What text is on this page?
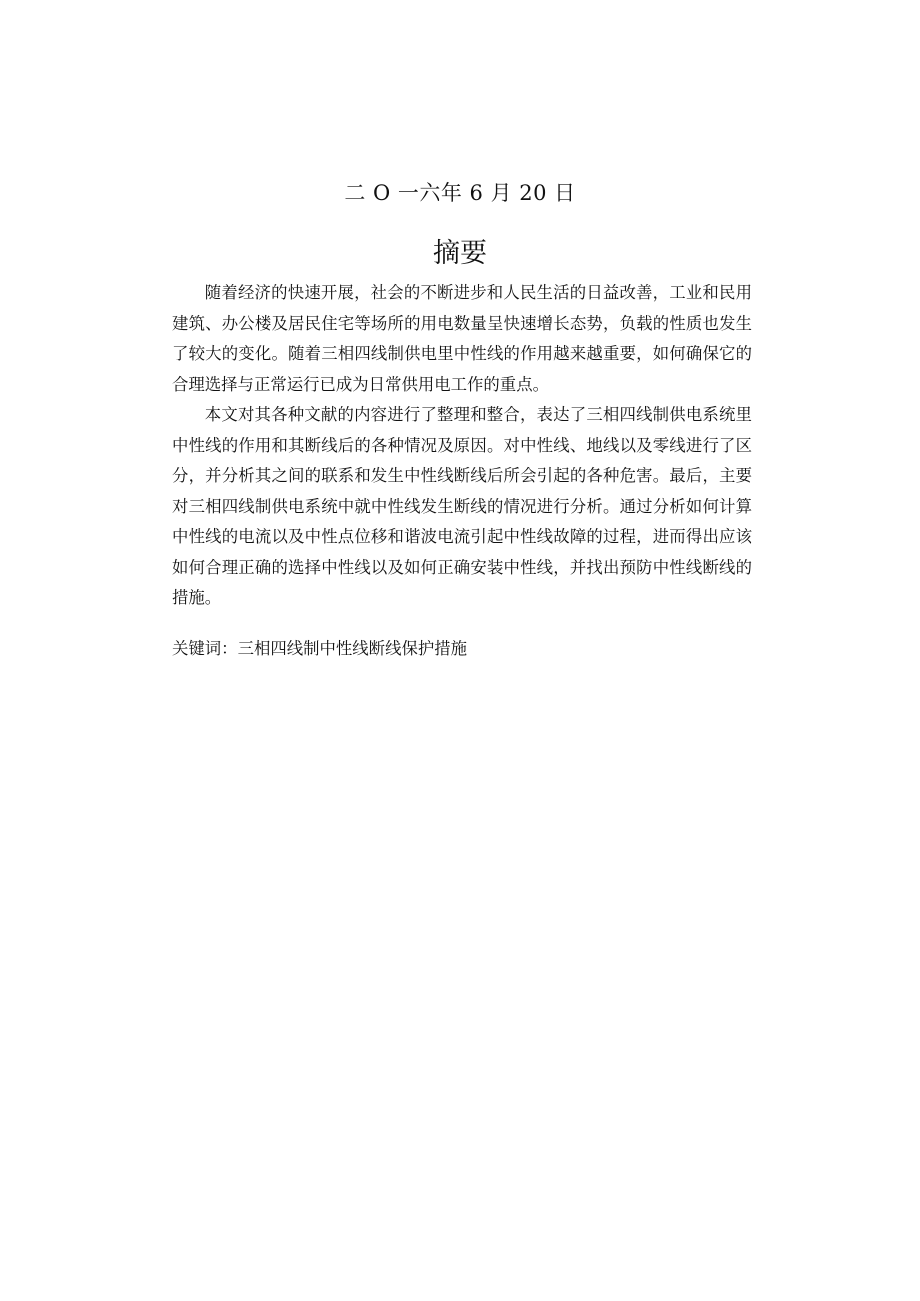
二 O 一六年 6 月 20 日
摘要

随着经济的快速开展，社会的不断进步和人民生活的日益改善，工业和民用建筑、办公楼及居民住宅等场所的用电数量呈快速增长态势，负载的性质也发生了较大的变化。随着三相四线制供电里中性线的作用越来越重要，如何确保它的合理选择与正常运行已成为日常供用电工作的重点。

本文对其各种文献的内容进行了整理和整合，表达了三相四线制供电系统里中性线的作用和其断线后的各种情况及原因。对中性线、地线以及零线进行了区分，并分析其之间的联系和发生中性线断线后所会引起的各种危害。最后，主要对三相四线制供电系统中就中性线发生断线的情况进行分析。通过分析如何计算中性线的电流以及中性点位移和谐波电流引起中性线故障的过程，进而得出应该如何合理正确的选择中性线以及如何正确安装中性线，并找出预防中性线断线的措施。

关键词：三相四线制中性线断线保护措施
